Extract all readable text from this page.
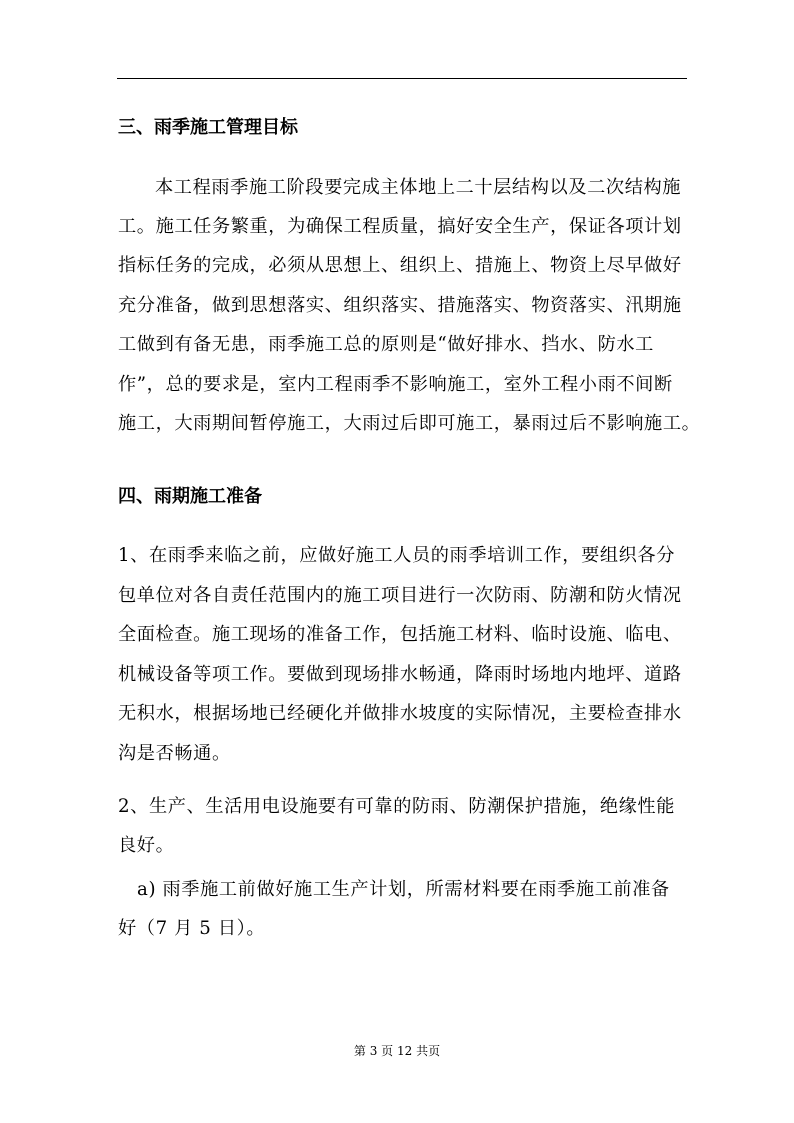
三、雨季施工管理目标
本工程雨季施工阶段要完成主体地上二十层结构以及二次结构施
工。施工任务繁重，为确保工程质量，搞好安全生产，保证各项计划
指标任务的完成，必须从思想上、组织上、措施上、物资上尽早做好
充分准备，做到思想落实、组织落实、措施落实、物资落实、汛期施
工做到有备无患，雨季施工总的原则是“做好排水、挡水、防水工
作”，总的要求是，室内工程雨季不影响施工，室外工程小雨不间断
施工，大雨期间暂停施工，大雨过后即可施工，暴雨过后不影响施工。
四、雨期施工准备
1、在雨季来临之前，应做好施工人员的雨季培训工作，要组织各分
包单位对各自责任范围内的施工项目进行一次防雨、防潮和防火情况
全面检查。施工现场的准备工作，包括施工材料、临时设施、临电、
机械设备等项工作。要做到现场排水畅通，降雨时场地内地坪、道路
无积水，根据场地已经硬化并做排水坡度的实际情况，主要检查排水
沟是否畅通。
2、生产、生活用电设施要有可靠的防雨、防潮保护措施，绝缘性能
良好。
a) 雨季施工前做好施工生产计划，所需材料要在雨季施工前准备
好（7 月 5 日）。
第 3 页 12 共页
